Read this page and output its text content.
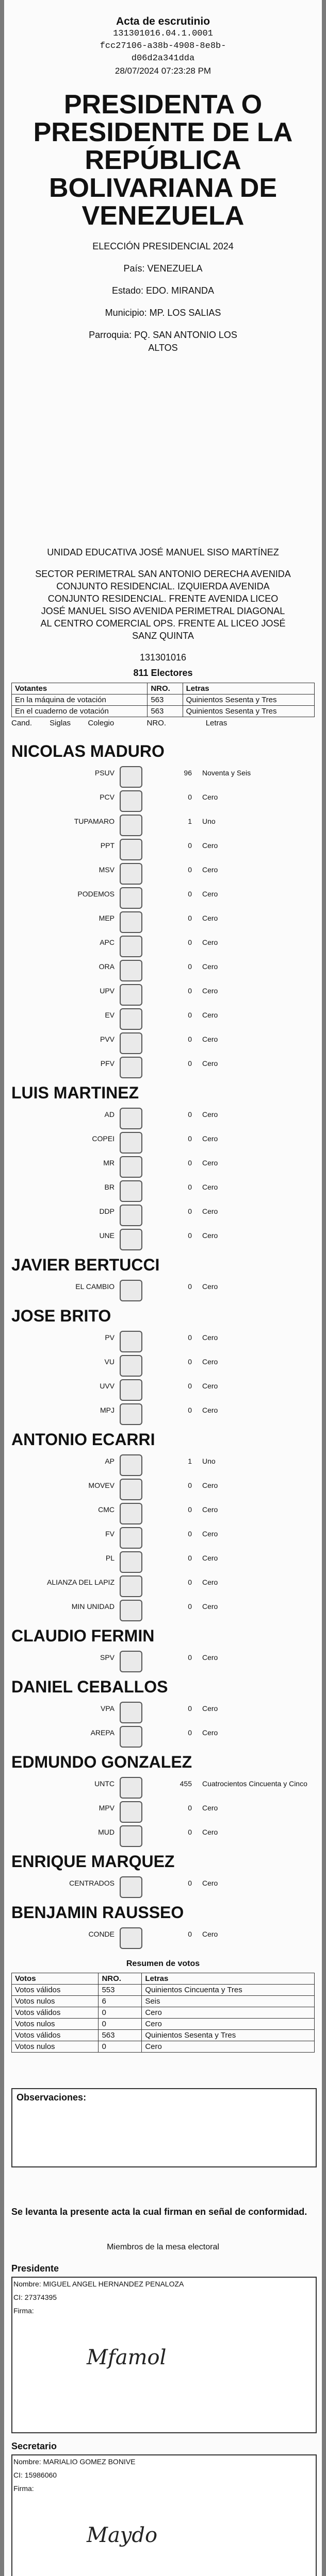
Acta de escrutinio
131301016.04.1.0001
fcc27106-a38b-4908-8e8b-
d06d2a341dda
28/07/2024 07:23:28 PM
PRESIDENTA O
PRESIDENTE DE LA
REPÚBLICA
BOLIVARIANA DE
VENEZUELA
ELECCIÓN PRESIDENCIAL 2024
País: VENEZUELA
Estado: EDO. MIRANDA
Municipio: MP. LOS SALIAS
Parroquia: PQ. SAN ANTONIO LOS ALTOS
UNIDAD EDUCATIVA JOSÉ MANUEL SISO MARTÍNEZ
SECTOR PERIMETRAL SAN ANTONIO DERECHA AVENIDA CONJUNTO RESIDENCIAL. IZQUIERDA AVENIDA CONJUNTO RESIDENCIAL. FRENTE AVENIDA LICEO JOSÉ MANUEL SISO AVENIDA PERIMETRAL DIAGONAL AL CENTRO COMERCIAL OPS. FRENTE AL LICEO JOSÉ SANZ QUINTA
131301016
811 Electores
Votantes	NRO.	Letras
En la máquina de votación	563	Quinientos Sesenta y Tres
En el cuaderno de votación	563	Quinientos Sesenta y Tres
Cand. Siglas Colegio	NRO.	Letras
NICOLAS MADURO
PSUV	96 Noventa y Seis
PCV	0 Cero
TUPAMARO	1 Uno
PPT	0 Cero
MSV	0 Cero
PODEMOS	0 Cero
MEP	0 Cero
APC	0 Cero
ORA	0 Cero
UPV	0 Cero
EV	0 Cero
PVV	0 Cero
PFV	0 Cero
LUIS MARTINEZ
AD	0 Cero
COPEI	0 Cero
MR	0 Cero
BR	0 Cero
DDP	0 Cero
UNE	0 Cero
JAVIER BERTUCCI
EL CAMBIO	0 Cero
JOSE BRITO
PV	0 Cero
VU	0 Cero
UVV	0 Cero
MPJ	0 Cero
ANTONIO ECARRI
AP	1 Uno
MOVEV	0 Cero
CMC	0 Cero
FV	0 Cero
PL	0 Cero
ALIANZA DEL LAPIZ	0 Cero
MIN UNIDAD	0 Cero
CLAUDIO FERMIN
SPV	0 Cero
DANIEL CEBALLOS
VPA	0 Cero
AREPA	0 Cero
EDMUNDO GONZALEZ
UNTC	455 Cuatrocientos Cincuenta y Cinco
MPV	0 Cero
MUD	0 Cero
ENRIQUE MARQUEZ
CENTRADOS	0 Cero
BENJAMIN RAUSSEO
CONDE	0 Cero
Resumen de votos
Votos	NRO.	Letras
Votos válidos	553	Quinientos Cincuenta y Tres
Votos nulos	6	Seis
Votos válidos	0	Cero
Votos nulos	0	Cero
Votos válidos	563	Quinientos Sesenta y Tres
Votos nulos	0	Cero
Observaciones:
Se levanta la presente acta la cual firman en señal de conformidad.
Miembros de la mesa electoral
Presidente
Nombre: MIGUEL ANGEL HERNANDEZ PENALOZA
CI: 27374395
Firma:
Mfamol
Secretario
Nombre: MARIALIO GOMEZ BONIVE
CI: 15986060
Firma:
Maydo
